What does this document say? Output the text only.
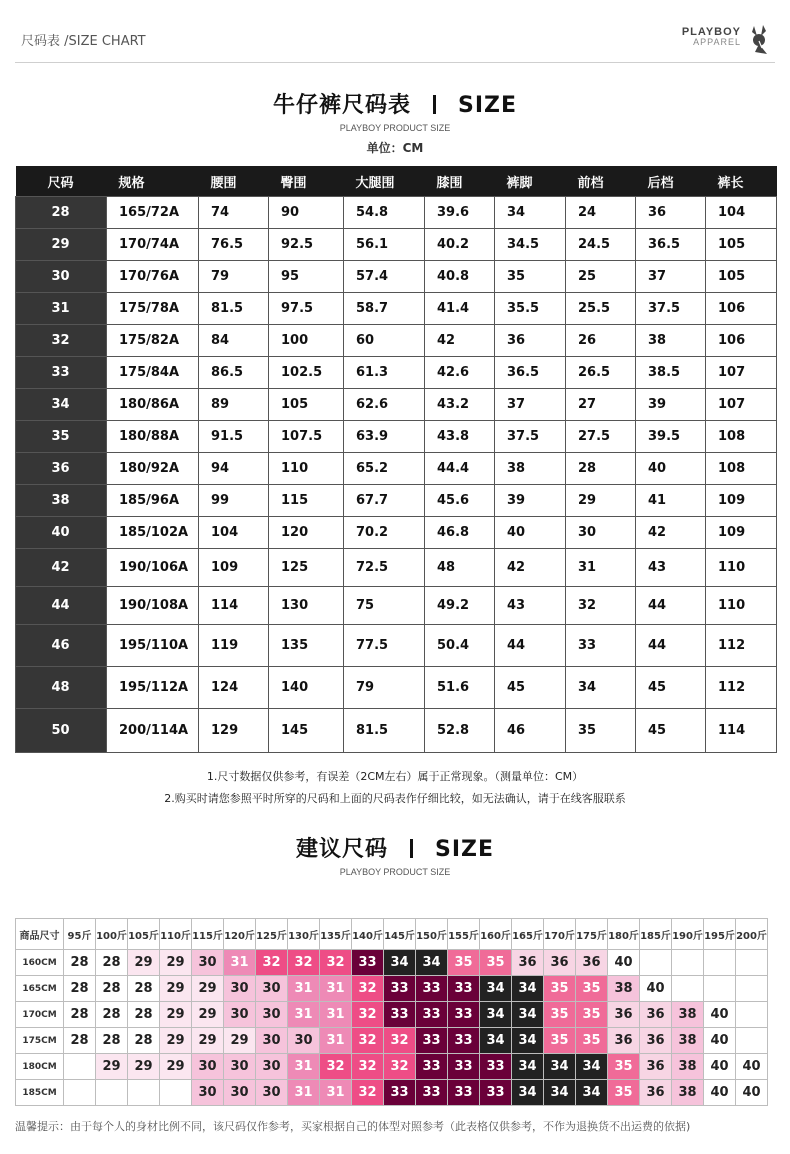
尺码表 /SIZE CHART
PLAYBOY
APPAREL
牛仔裤尺码表 SIZE
PLAYBOY PRODUCT SIZE
单位：CM
尺码	规格	腰围	臀围	大腿围	膝围	裤脚	前档	后档	裤长
28	165/72A	74	90	54.8	39.6	34	24	36	104
29	170/74A	76.5	92.5	56.1	40.2	34.5	24.5	36.5	105
30	170/76A	79	95	57.4	40.8	35	25	37	105
31	175/78A	81.5	97.5	58.7	41.4	35.5	25.5	37.5	106
32	175/82A	84	100	60	42	36	26	38	106
33	175/84A	86.5	102.5	61.3	42.6	36.5	26.5	38.5	107
34	180/86A	89	105	62.6	43.2	37	27	39	107
35	180/88A	91.5	107.5	63.9	43.8	37.5	27.5	39.5	108
36	180/92A	94	110	65.2	44.4	38	28	40	108
38	185/96A	99	115	67.7	45.6	39	29	41	109
40	185/102A	104	120	70.2	46.8	40	30	42	109
42	190/106A	109	125	72.5	48	42	31	43	110
44	190/108A	114	130	75	49.2	43	32	44	110
46	195/110A	119	135	77.5	50.4	44	33	44	112
48	195/112A	124	140	79	51.6	45	34	45	112
50	200/114A	129	145	81.5	52.8	46	35	45	114
1.尺寸数据仅供参考，有误差（2CM左右）属于正常现象。（测量单位：CM）
2.购买时请您参照平时所穿的尺码和上面的尺码表作仔细比较，如无法确认，请于在线客服联系
建议尺码 SIZE
PLAYBOY PRODUCT SIZE
商品尺寸	95斤	100斤	105斤	110斤	115斤	120斤	125斤	130斤	135斤	140斤	145斤	150斤	155斤	160斤	165斤	170斤	175斤	180斤	185斤	190斤	195斤	200斤
160CM	28	28	29	29	30	31	32	32	32	33	34	34	35	35	36	36	36	40				
165CM	28	28	28	29	29	30	30	31	31	32	33	33	33	34	34	35	35	38	40			
170CM	28	28	28	29	29	30	30	31	31	32	33	33	33	34	34	35	35	36	36	38	40	
175CM	28	28	28	29	29	29	30	30	31	32	32	33	33	34	34	35	35	36	36	38	40	
180CM		29	29	29	30	30	30	31	32	32	32	33	33	33	34	34	34	35	36	38	40	40
185CM					30	30	30	31	31	32	33	33	33	33	34	34	34	35	36	38	40	40
温馨提示：由于每个人的身材比例不同，该尺码仅作参考，买家根据自己的体型对照参考（此表格仅供参考，不作为退换货不出运费的依据)
